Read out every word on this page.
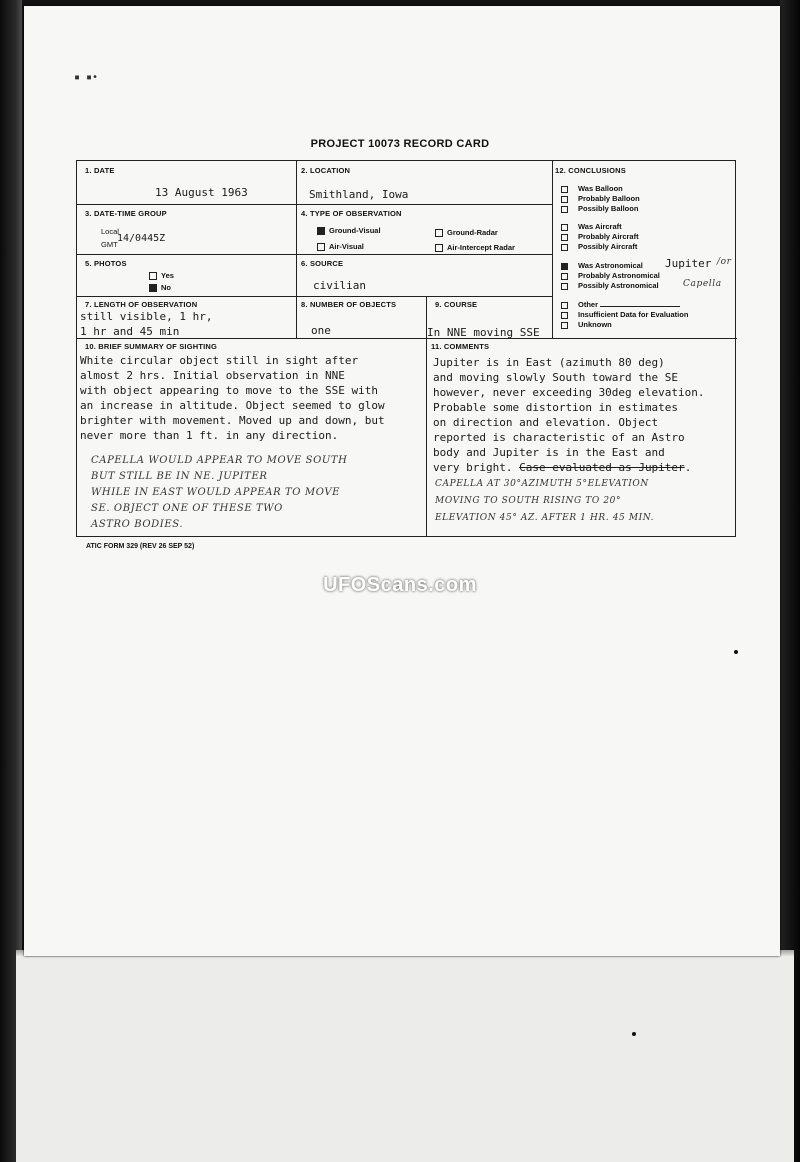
▪ ▪•
PROJECT 10073 RECORD CARD
1. DATE
13 August 1963
2. LOCATION
Smithland, Iowa
3. DATE-TIME GROUP
Local
GMT
14/0445Z
4. TYPE OF OBSERVATION
Ground-Visual	Ground-Radar
Air-Visual	Air-Intercept Radar
5. PHOTOS
Yes
No
6. SOURCE
civilian
7. LENGTH OF OBSERVATION
still visible, 1 hr,
1 hr and 45 min
8. NUMBER OF OBJECTS
one
9. COURSE
In NNE moving SSE
12. CONCLUSIONS
Was Balloon
Probably Balloon
Possibly Balloon
Was Aircraft
Probably Aircraft
Possibly Aircraft
Was Astronomical Jupiter /or
Probably Astronomical
Possibly Astronomical	Capella
Other
Insufficient Data for Evaluation
Unknown
10. BRIEF SUMMARY OF SIGHTING
White circular object still in sight after
almost 2 hrs. Initial observation in NNE
with object appearing to move to the SSE with
an increase in altitude. Object seemed to glow
brighter with movement. Moved up and down, but
never more than 1 ft. in any direction.
CAPELLA WOULD APPEAR TO MOVE SOUTH
BUT STILL BE IN NE. JUPITER
WHILE IN EAST WOULD APPEAR TO MOVE
SE. OBJECT ONE OF THESE TWO
ASTRO BODIES.
11. COMMENTS
Jupiter is in East (azimuth 80 deg)
and moving slowly South toward the SE
however, never exceeding 30deg elevation.
Probable some distortion in estimates
on direction and elevation. Object
reported is characteristic of an Astro
body and Jupiter is in the East and
very bright. Case evaluated as Jupiter.
CAPELLA AT 30°AZIMUTH 5°ELEVATION
MOVING TO SOUTH RISING TO 20°
ELEVATION 45° AZ. AFTER 1 HR. 45 MIN.
ATIC FORM 329 (REV 26 SEP 52)
UFOScans.com
